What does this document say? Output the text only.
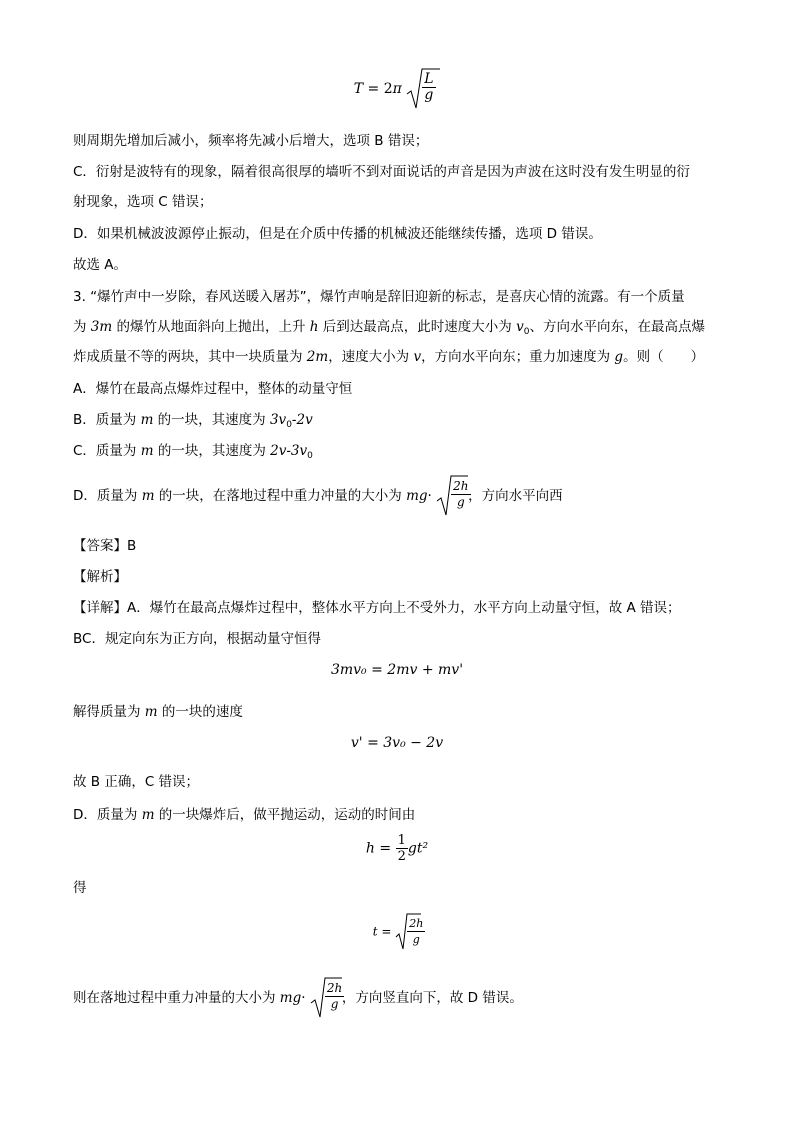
$T = 2\pi \frac{L}{g}$
则周期先增加后减小，频率将先减小后增大，选项 B 错误；
C．衍射是波特有的现象，隔着很高很厚的墙听不到对面说话的声音是因为声波在这时没有发生明显的衍
射现象，选项 C 错误；
D．如果机械波波源停止振动，但是在介质中传播的机械波还能继续传播，选项 D 错误。
故选 A。
3. “爆竹声中一岁除，春风送暖入屠苏”，爆竹声响是辞旧迎新的标志，是喜庆心情的流露。有一个质量
为 3m 的爆竹从地面斜向上抛出，上升 h 后到达最高点，此时速度大小为 $v_0$、方向水平向东，在最高点爆
炸成质量不等的两块，其中一块质量为 2m，速度大小为 v，方向水平向东；重力加速度为 g。则（　　）
A．爆竹在最高点爆炸过程中，整体的动量守恒
B．质量为 m 的一块，其速度为 $3v_0-2v$
C．质量为 m 的一块，其速度为 $2v-3v_0$
D．质量为 m 的一块，在落地过程中重力冲量的大小为 $mg\cdot \frac{2h}{g}$
，方向水平向西
【答案】B
【解析】
【详解】A．爆竹在最高点爆炸过程中，整体水平方向上不受外力，水平方向上动量守恒，故 A 错误；
BC．规定向东为正方向，根据动量守恒得
3mv₀ = 2mv + mv'
解得质量为 m 的一块的速度
v' = 3v₀ − 2v
故 B 正确，C 错误；
D．质量为 m 的一块爆炸后，做平抛运动，运动的时间由
$h = \frac{1}{2} gt^2$
得
$t = \frac{2h}{g}$
则在落地过程中重力冲量的大小为 $mg\cdot \frac{2h}{g}$
，方向竖直向下，故 D 错误。
